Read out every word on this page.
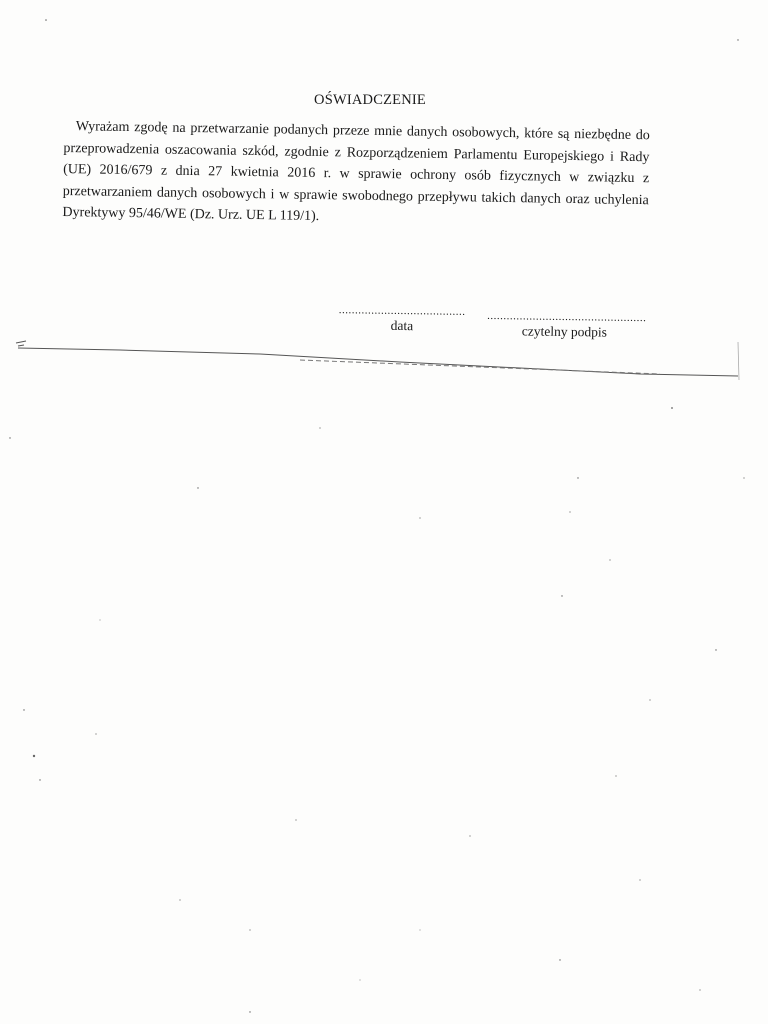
OŚWIADCZENIE
Wyrażam zgodę na przetwarzanie podanych przeze mnie danych osobowych, które są niezbędne do przeprowadzenia oszacowania szkód, zgodnie z Rozporządzeniem Parlamentu Europejskiego i Rady (UE) 2016/679 z dnia 27 kwietnia 2016 r. w sprawie ochrony osób fizycznych w związku z przetwarzaniem danych osobowych i w sprawie swobodnego przepływu takich danych oraz uchylenia Dyrektywy 95/46/WE (Dz. Urz. UE L 119/1).
.......................................
data
.................................................
czytelny podpis
